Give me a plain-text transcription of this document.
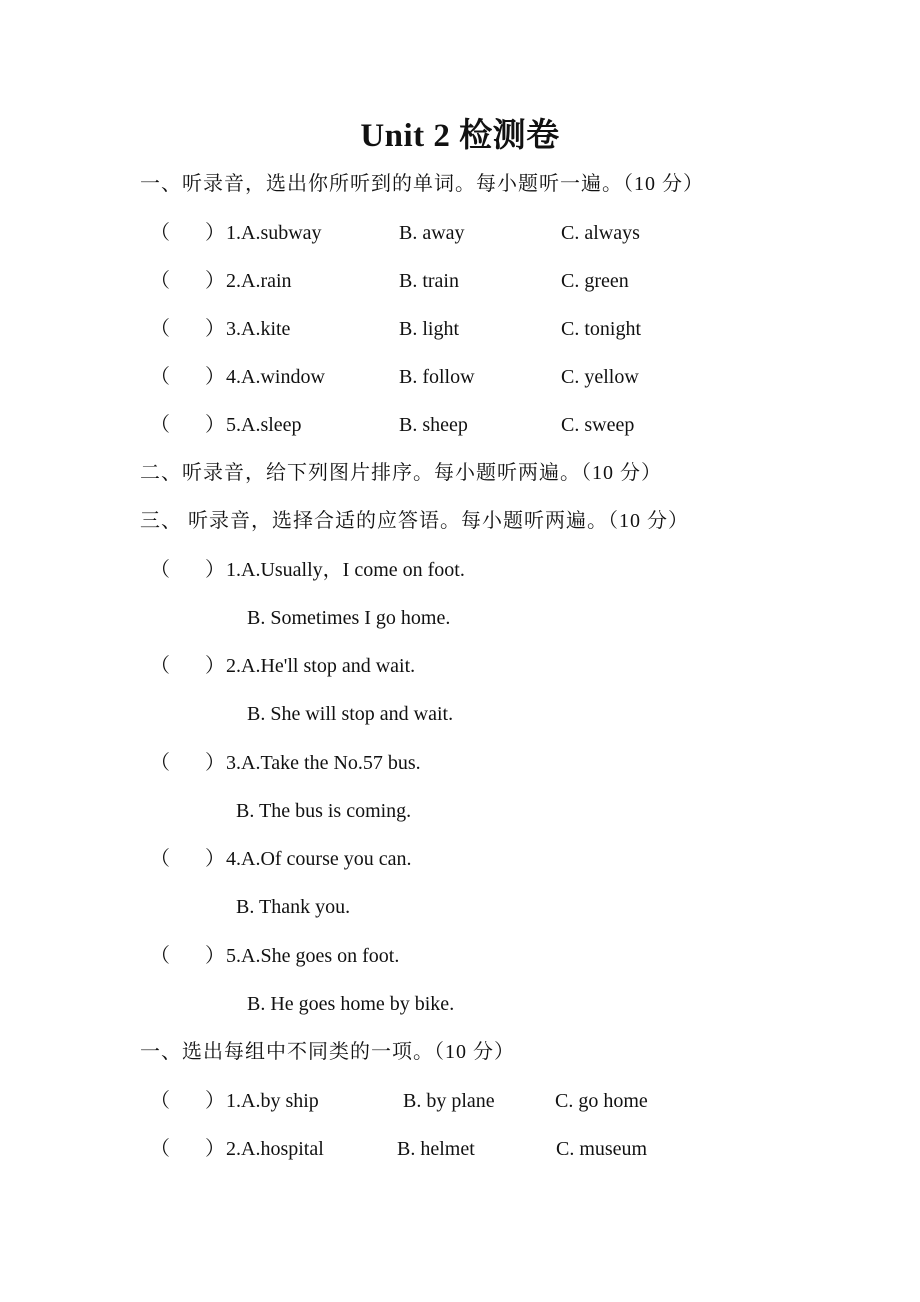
Unit 2 检测卷
一、听录音，选出你所听到的单词。每小题听一遍。（10 分）
（ ） 1. A.subway	B. away	C. always
（ ） 2. A.rain	B. train	C. green
（ ） 3. A.kite	B. light	C. tonight
（ ） 4. A.window	B. follow	C. yellow
（ ） 5. A.sleep	B. sheep	C. sweep
二、听录音，给下列图片排序。每小题听两遍。（10 分）
三、 听录音，选择合适的应答语。每小题听两遍。（10 分）
（ ） 1. A.Usually，I come on foot.
B. Sometimes I go home.
（ ） 2. A.He'll stop and wait.
B. She will stop and wait.
（ ） 3. A.Take the No.57 bus.
B. The bus is coming.
（ ） 4. A.Of course you can.
B. Thank you.
（ ） 5. A.She goes on foot.
B. He goes home by bike.
一、选出每组中不同类的一项。（10 分）
（ ） 1. A.by ship	B. by plane	C. go home
（ ） 2. A.hospital	B. helmet	C. museum
